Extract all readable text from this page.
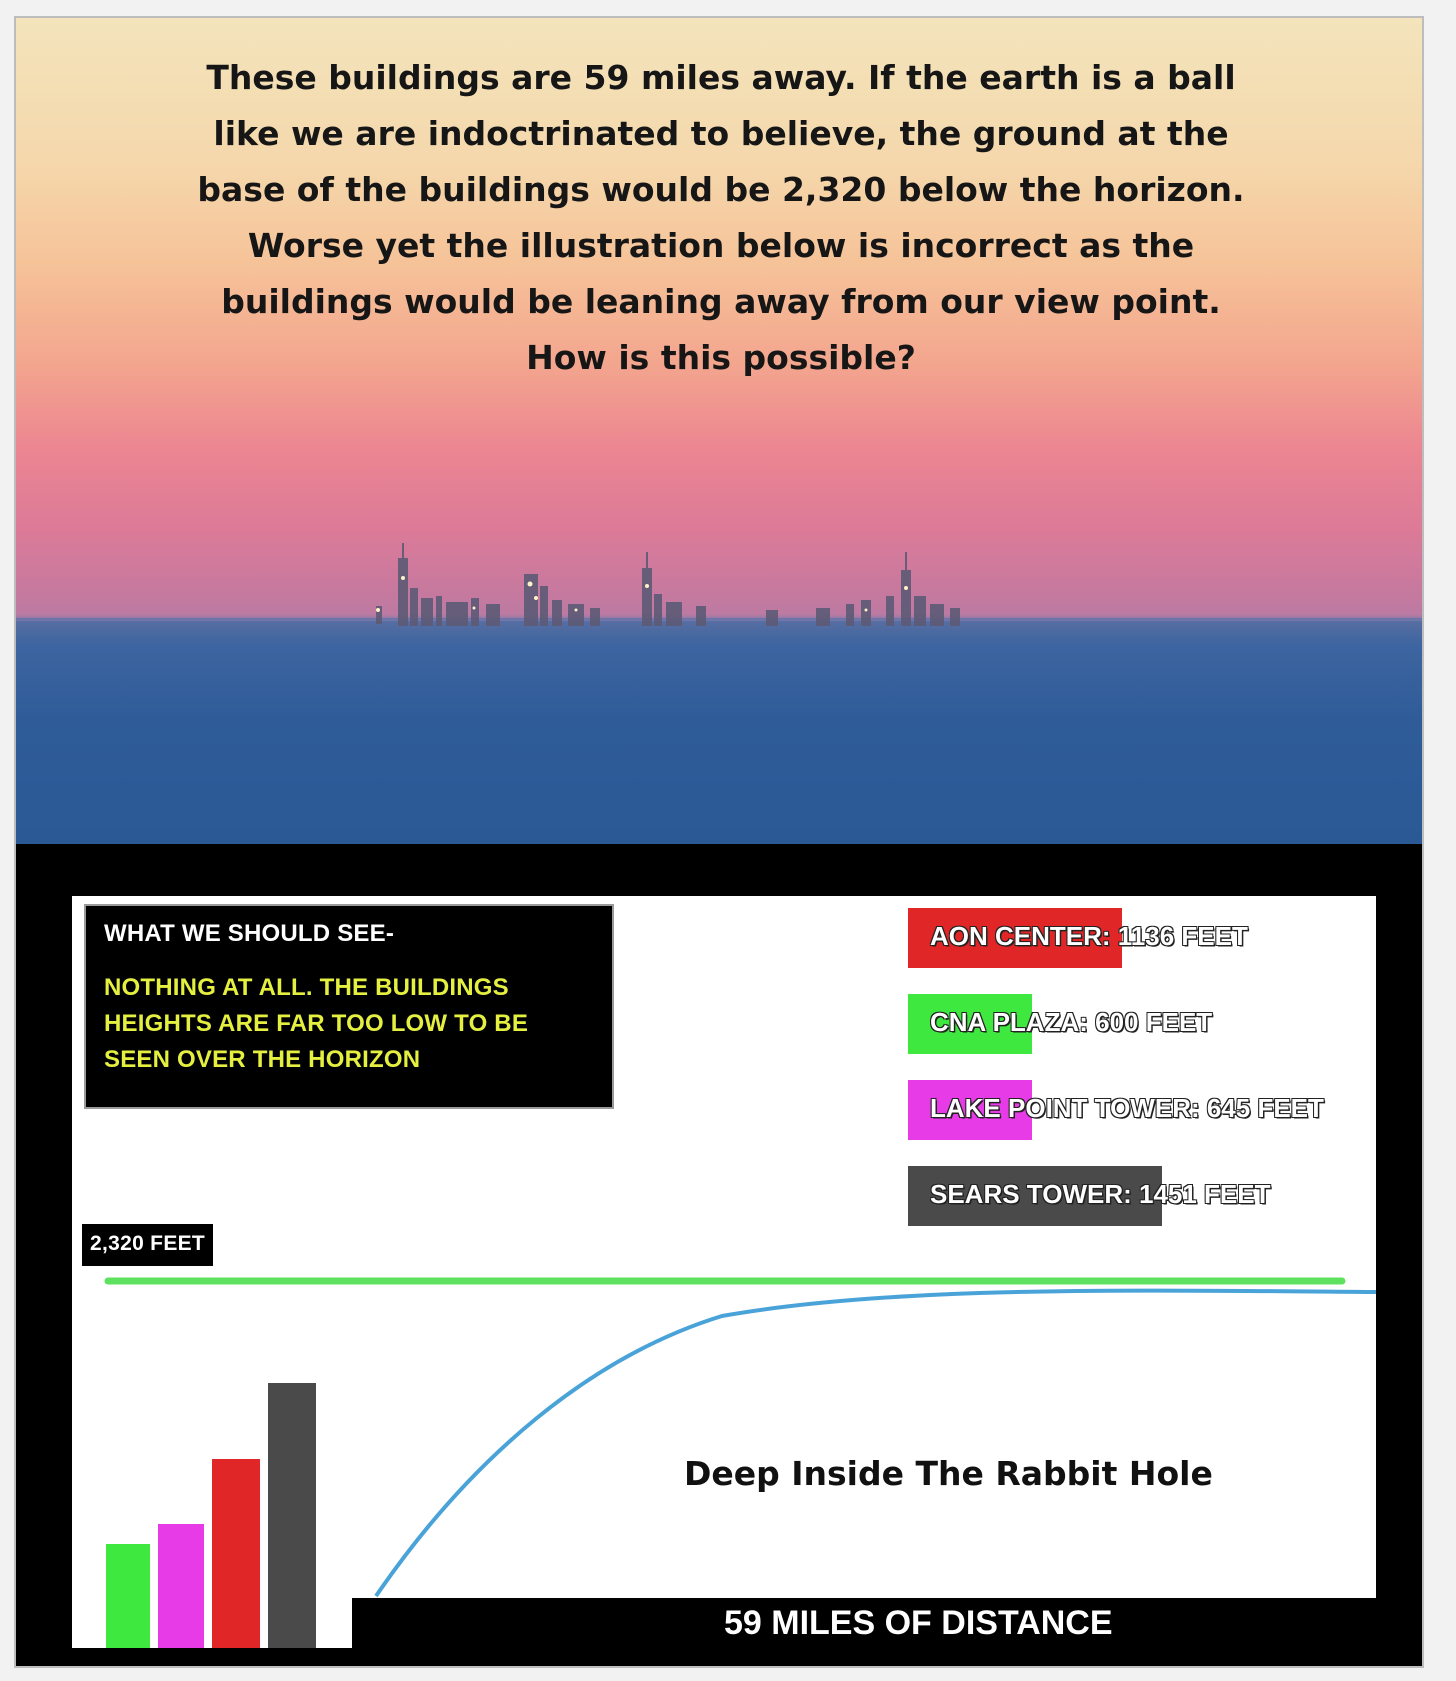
These buildings are 59 miles away. If the earth is a ball
like we are indoctrinated to believe, the ground at the
base of the buildings would be 2,320 below the horizon.
Worse yet the illustration below is incorrect as the
buildings would be leaning away from our view point.
How is this possible?
WHAT WE SHOULD SEE-
NOTHING AT ALL. THE BUILDINGS HEIGHTS ARE FAR TOO LOW TO BE SEEN OVER THE HORIZON
AON CENTER: 1136 FEET
CNA PLAZA: 600 FEET
LAKE POINT TOWER: 645 FEET
SEARS TOWER: 1451 FEET
2,320 FEET
Deep Inside The Rabbit Hole
59 MILES OF DISTANCE
